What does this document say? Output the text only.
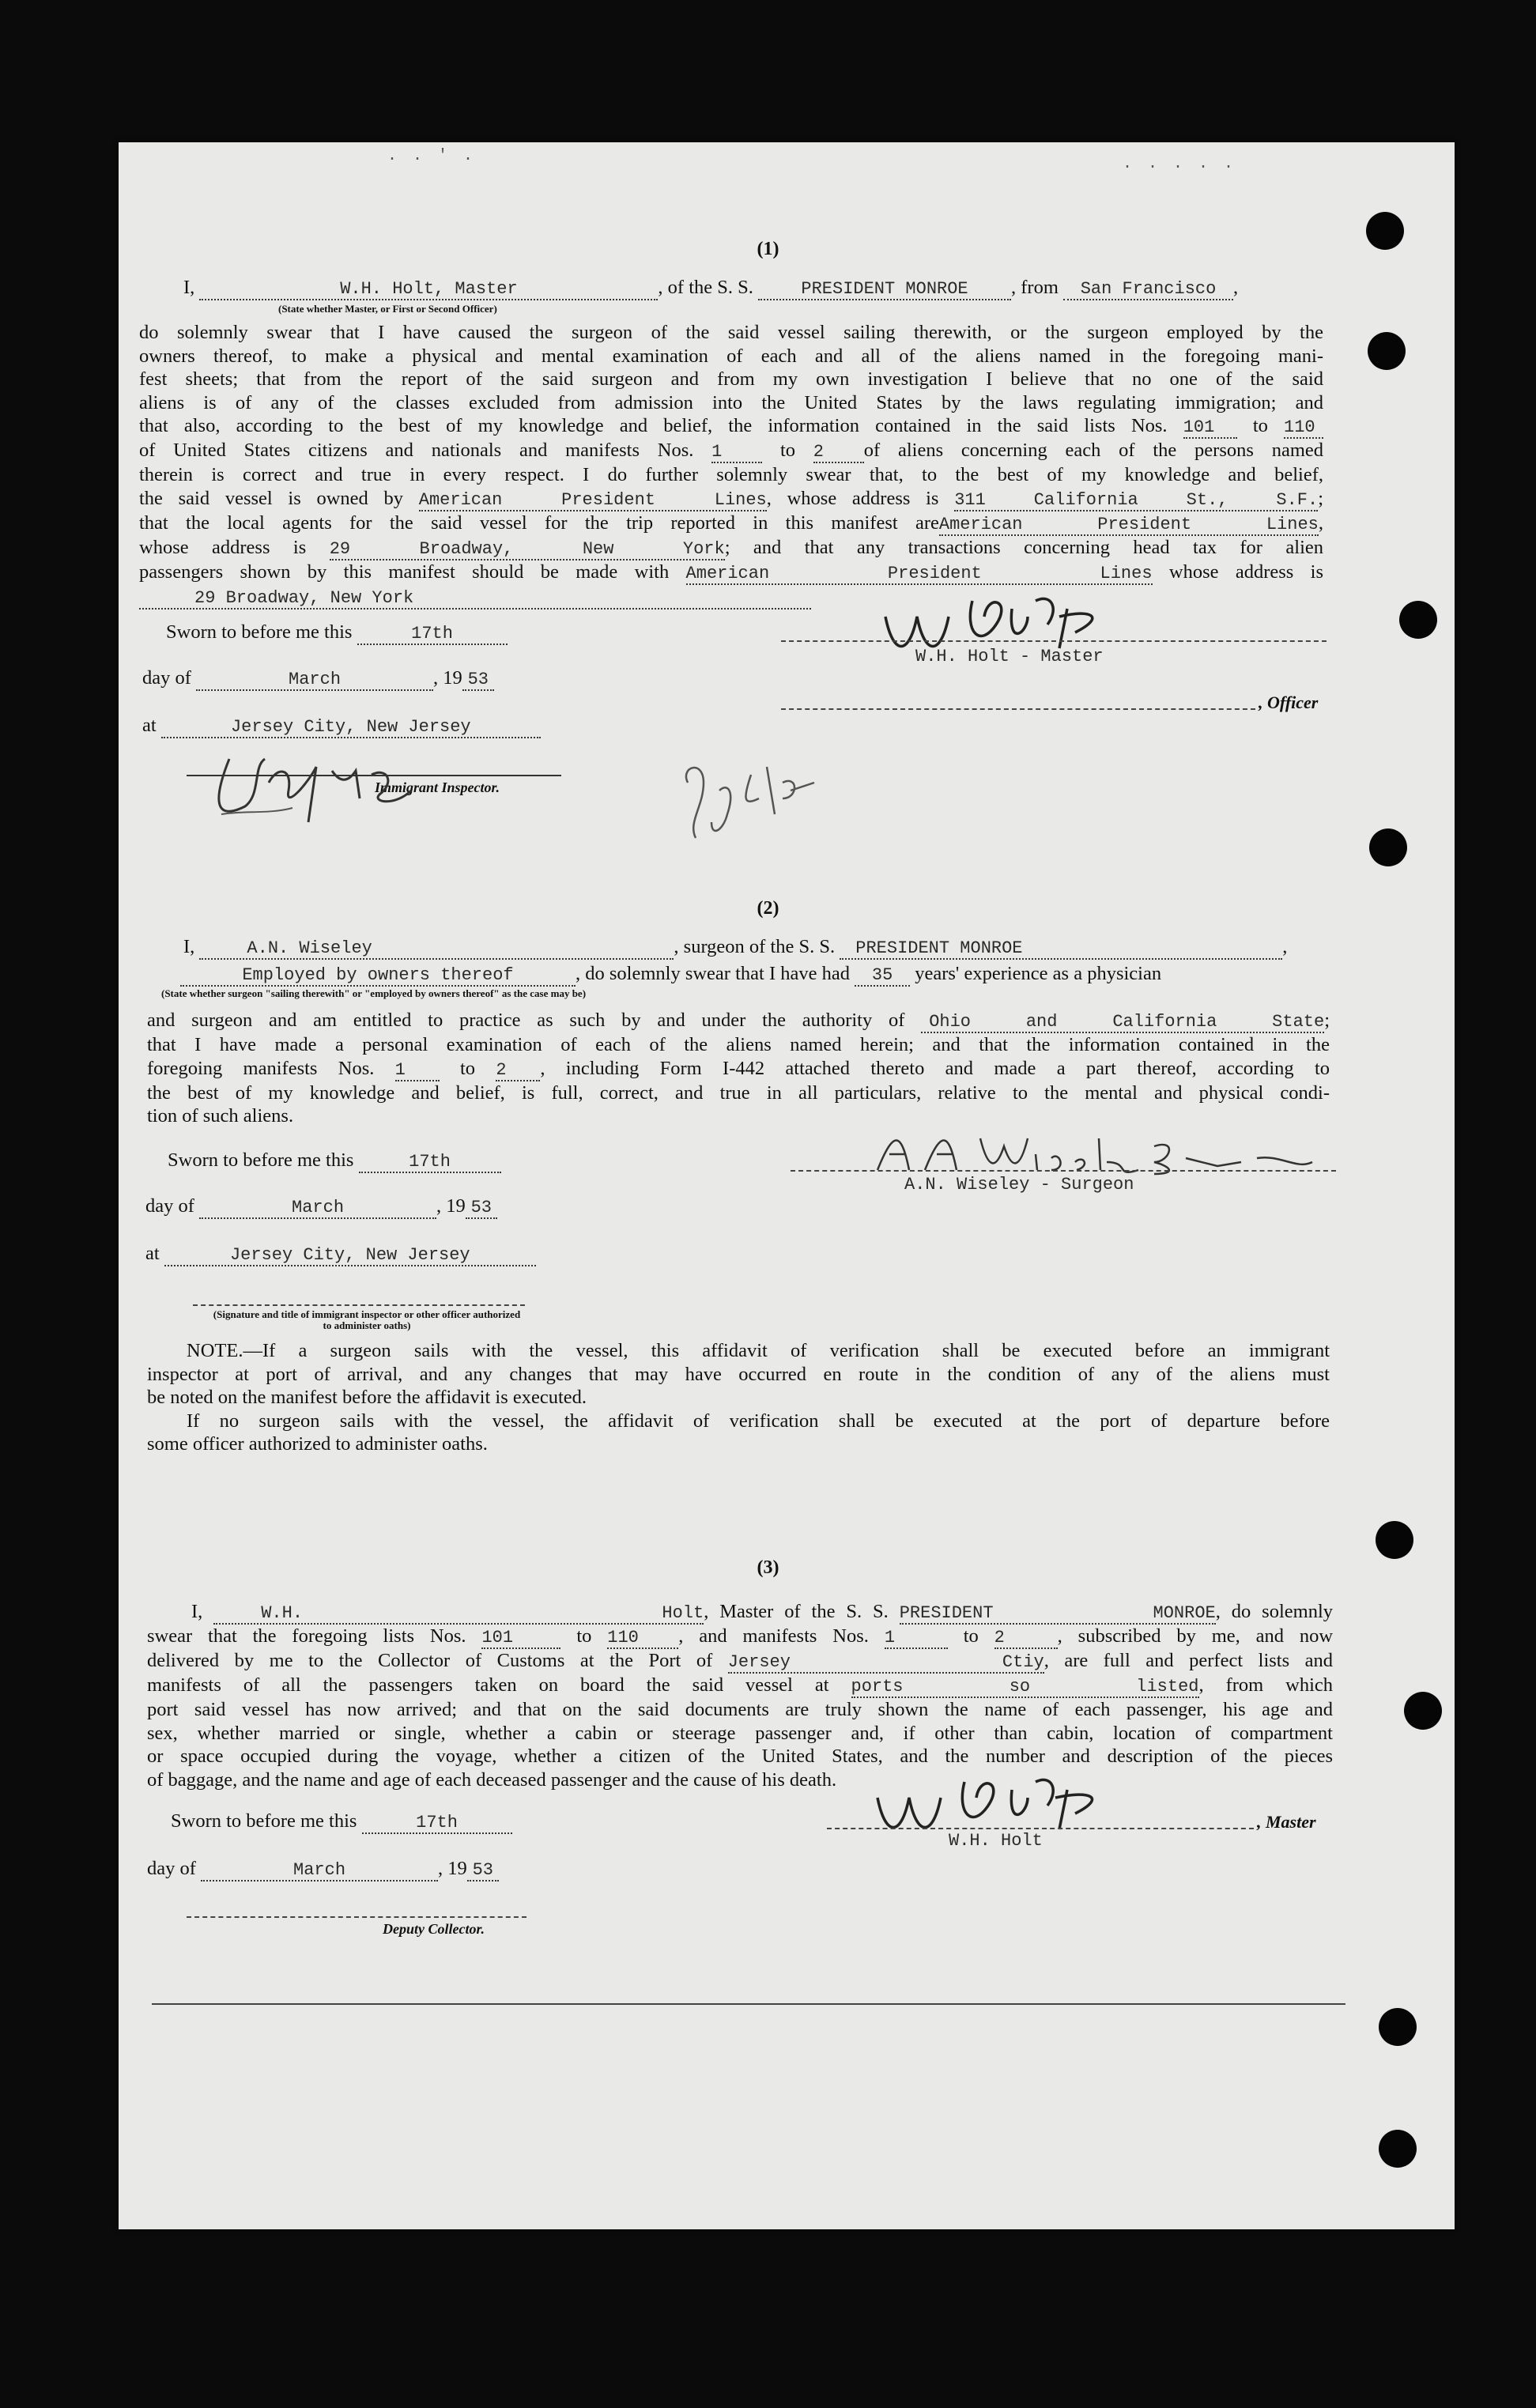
. . ' .	. . . . .
(1)
I,	W.H. Holt, Master	, of the S. S.	PRESIDENT MONROE , from San Francisco ,
(State whether Master, or First or Second Officer)
do solemnly swear that I have caused the surgeon of the said vessel sailing therewith, or the surgeon employed by the
owners thereof, to make a physical and mental examination of each and all of the aliens named in the foregoing mani-
fest sheets; that from the report of the said surgeon and from my own investigation I believe that no one of the said
aliens is of any of the classes excluded from admission into the United States by the laws regulating immigration; and
that also, according to the best of my knowledge and belief, the information contained in the said lists Nos. 101 to 110
of United States citizens and nationals and manifests Nos. 1	to 2 of aliens concerning each of the persons named
therein is correct and true in every respect. I do further solemnly swear that, to the best of my knowledge and belief,
the said vessel is owned by American President Lines, whose address is 311 California St., S.F.;
that the local agents for the said vessel for the trip reported in this manifest areAmerican President Lines,
whose address is 29 Broadway, New York; and that any transactions concerning head tax for alien
passengers shown by this manifest should be made with American President Lines whose address is
29 Broadway, New York
Sworn to before me this	17th
day of	March	, 19 53
at	Jersey City, New Jersey
Immigrant Inspector.
W.H. Holt - Master
, Officer
(2)
I,	A.N. Wiseley	, surgeon of the S. S. PRESIDENT MONROE	,
Employed by owners thereof	, do solemnly swear that I have had 35 years' experience as a physician
(State whether surgeon "sailing therewith" or "employed by owners thereof" as the case may be)
and surgeon and am entitled to practice as such by and under the authority of Ohio and California State;
that I have made a personal examination of each of the aliens named herein; and that the information contained in the
foregoing manifests Nos. 1	to 2 , including Form I-442 attached thereto and made a part thereof, according to
the best of my knowledge and belief, is full, correct, and true in all particulars, relative to the mental and physical condi-
tion of such aliens.
Sworn to before me this	17th
day of	March	, 19 53
at	Jersey City, New Jersey
A.N. Wiseley - Surgeon
(Signature and title of immigrant inspector or other officer authorized to administer oaths)
NOTE.—If a surgeon sails with the vessel, this affidavit of verification shall be executed before an immigrant
inspector at port of arrival, and any changes that may have occurred en route in the condition of any of the aliens must
be noted on the manifest before the affidavit is executed.
If no surgeon sails with the vessel, the affidavit of verification shall be executed at the port of departure before
some officer authorized to administer oaths.
(3)
I,	W.H. Holt, Master of the S. S. PRESIDENT MONROE, do solemnly
swear that the foregoing lists Nos. 101	to 110 , and manifests Nos. 1	to 2	, subscribed by me, and now
delivered by me to the Collector of Customs at the Port of Jersey Ctiy, are full and perfect lists and
manifests of all the passengers taken on board the said vessel at ports so listed, from which
port said vessel has now arrived; and that on the said documents are truly shown the name of each passenger, his age and
sex, whether married or single, whether a cabin or steerage passenger and, if other than cabin, location of compartment
or space occupied during the voyage, whether a citizen of the United States, and the number and description of the pieces
of baggage, and the name and age of each deceased passenger and the cause of his death.
Sworn to before me this	17th
day of	March	, 19 53
Deputy Collector.
W.H. Holt
, Master
